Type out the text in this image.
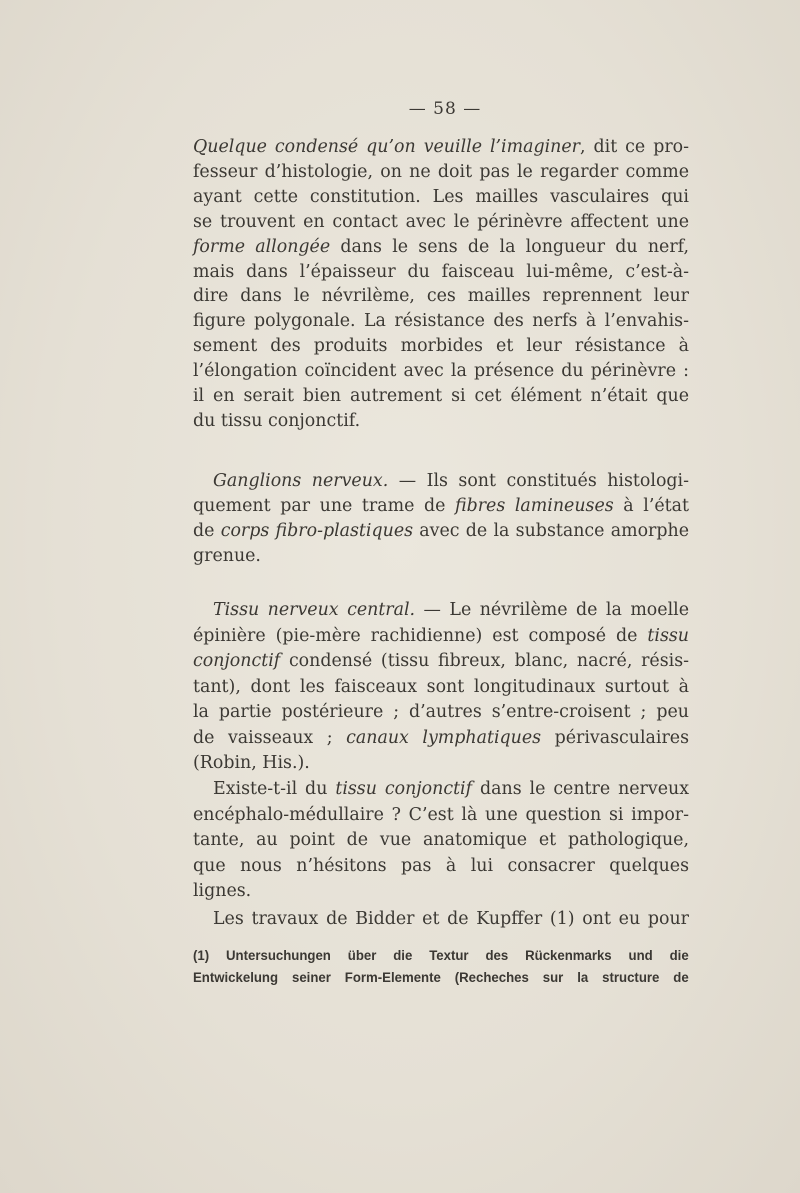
— 58 —
Quelque condensé qu’on veuille l’imaginer, dit ce pro-
fesseur d’histologie, on ne doit pas le regarder comme
ayant cette constitution. Les mailles vasculaires qui
se trouvent en contact avec le périnèvre affectent une
forme allongée dans le sens de la longueur du nerf,
mais dans l’épaisseur du faisceau lui-même, c’est-à-
dire dans le névrilème, ces mailles reprennent leur
figure polygonale. La résistance des nerfs à l’envahis-
sement des produits morbides et leur résistance à
l’élongation coïncident avec la présence du périnèvre :
il en serait bien autrement si cet élément n’était que
du tissu conjonctif.
Ganglions nerveux. — Ils sont constitués histologi-
quement par une trame de fibres lamineuses à l’état
de corps fibro-plastiques avec de la substance amorphe
grenue.
Tissu nerveux central. — Le névrilème de la moelle
épinière (pie-mère rachidienne) est composé de tissu
conjonctif condensé (tissu fibreux, blanc, nacré, résis-
tant), dont les faisceaux sont longitudinaux surtout à
la partie postérieure ; d’autres s’entre-croisent ; peu
de vaisseaux ; canaux lymphatiques périvasculaires
(Robin, His.).
Existe-t-il du tissu conjonctif dans le centre nerveux
encéphalo-médullaire ? C’est là une question si impor-
tante, au point de vue anatomique et pathologique,
que nous n’hésitons pas à lui consacrer quelques
lignes.
Les travaux de Bidder et de Kupffer (1) ont eu pour
(1) Untersuchungen über die Textur des Rückenmarks und die
Entwickelung seiner Form-Elemente (Recheches sur la structure de
